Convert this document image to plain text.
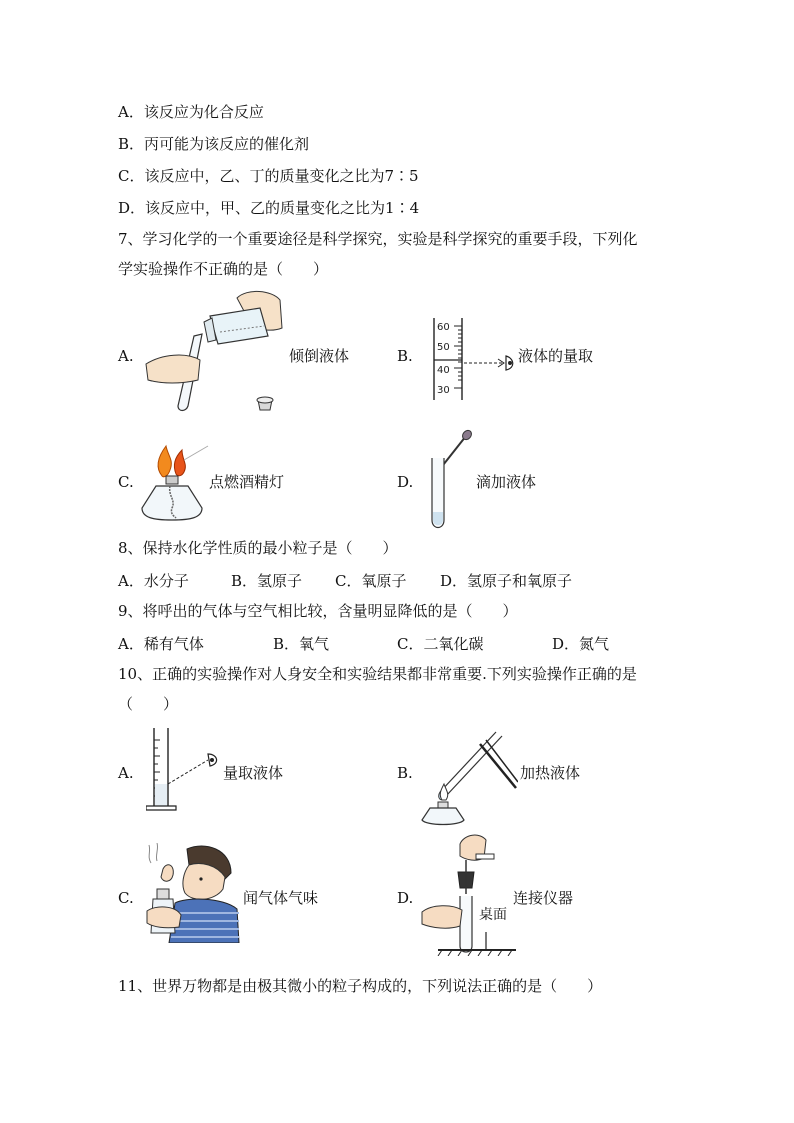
A．该反应为化合反应
B．丙可能为该反应的催化剂
C．该反应中，乙、丁的质量变化之比为7∶5
D．该反应中，甲、乙的质量变化之比为1∶4
7、学习化学的一个重要途径是科学探究，实验是科学探究的重要手段，下列化
学实验操作不正确的是（　　）
A.	倾倒液体	B.
60
50
40
30
液体的量取
C.	点燃酒精灯	D.	滴加液体
8、保持水化学性质的最小粒子是（　　）
A．水分子	B．氢原子 C．氧原子 D．氢原子和氧原子
9、将呼出的气体与空气相比较，含量明显降低的是（　　）
A．稀有气体	B．氧气	C．二氧化碳	D．氮气
10、正确的实验操作对人身安全和实验结果都非常重要.下列实验操作正确的是
（　　）
A.	量取液体	B.	加热液体
C.	闻气体气味	D.
桌面
连接仪器
11、世界万物都是由极其微小的粒子构成的，下列说法正确的是（　　）
